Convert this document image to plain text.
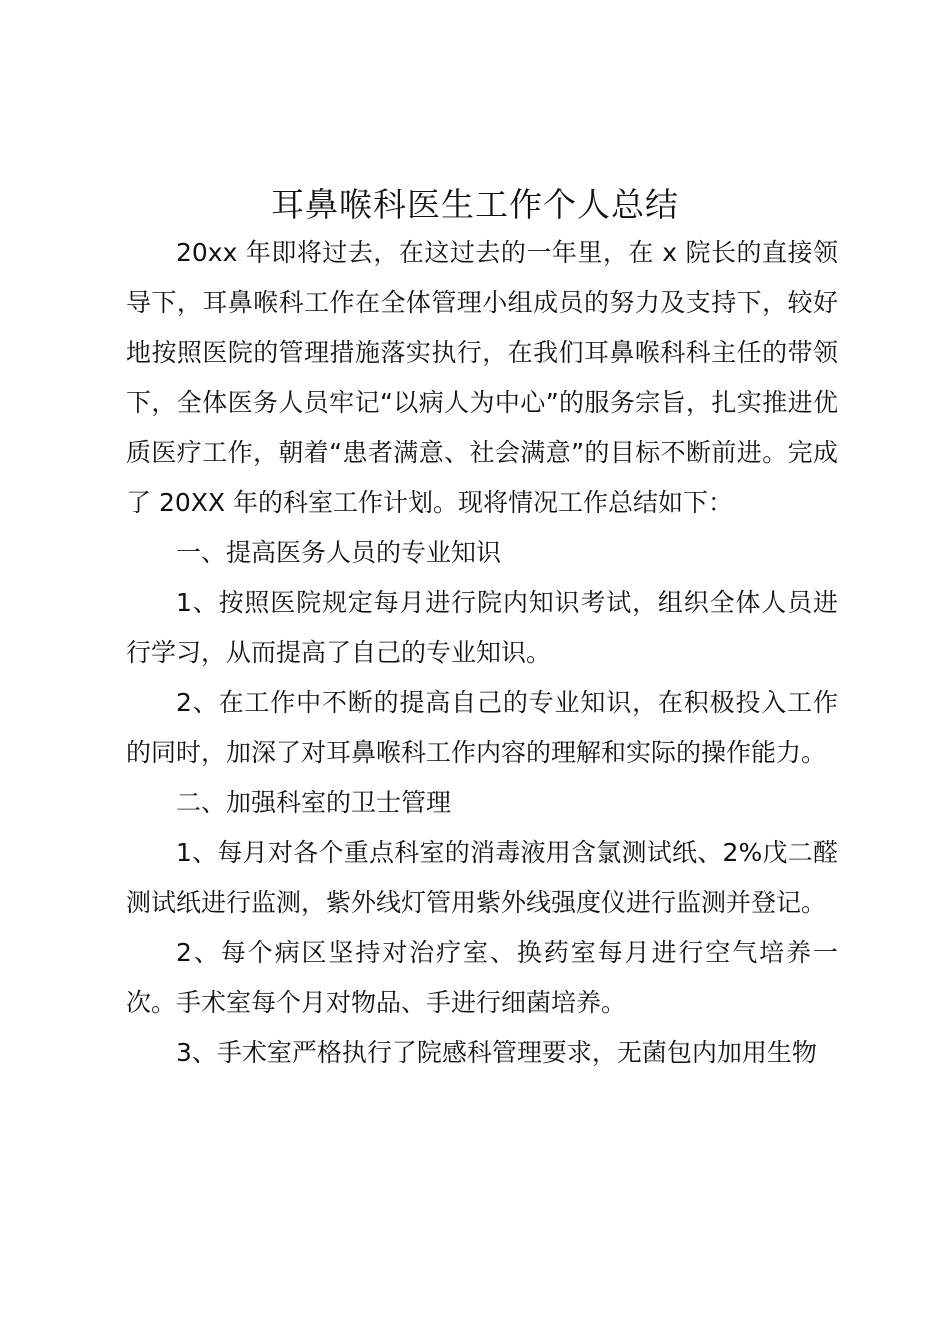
耳鼻喉科医生工作个人总结

20xx 年即将过去，在这过去的一年里，在 x 院长的直接领导下，耳鼻喉科工作在全体管理小组成员的努力及支持下，较好地按照医院的管理措施落实执行，在我们耳鼻喉科科主任的带领下，全体医务人员牢记“以病人为中心”的服务宗旨，扎实推进优质医疗工作，朝着“患者满意、社会满意”的目标不断前进。完成了 20XX 年的科室工作计划。现将情况工作总结如下：

一、提高医务人员的专业知识

1、按照医院规定每月进行院内知识考试，组织全体人员进行学习，从而提高了自己的专业知识。

2、在工作中不断的提高自己的专业知识，在积极投入工作的同时，加深了对耳鼻喉科工作内容的理解和实际的操作能力。

二、加强科室的卫士管理

1、每月对各个重点科室的消毒液用含氯测试纸、2%戊二醛测试纸进行监测，紫外线灯管用紫外线强度仪进行监测并登记。

2、每个病区坚持对治疗室、换药室每月进行空气培养一次。手术室每个月对物品、手进行细菌培养。

3、手术室严格执行了院感科管理要求，无菌包内加用生物
